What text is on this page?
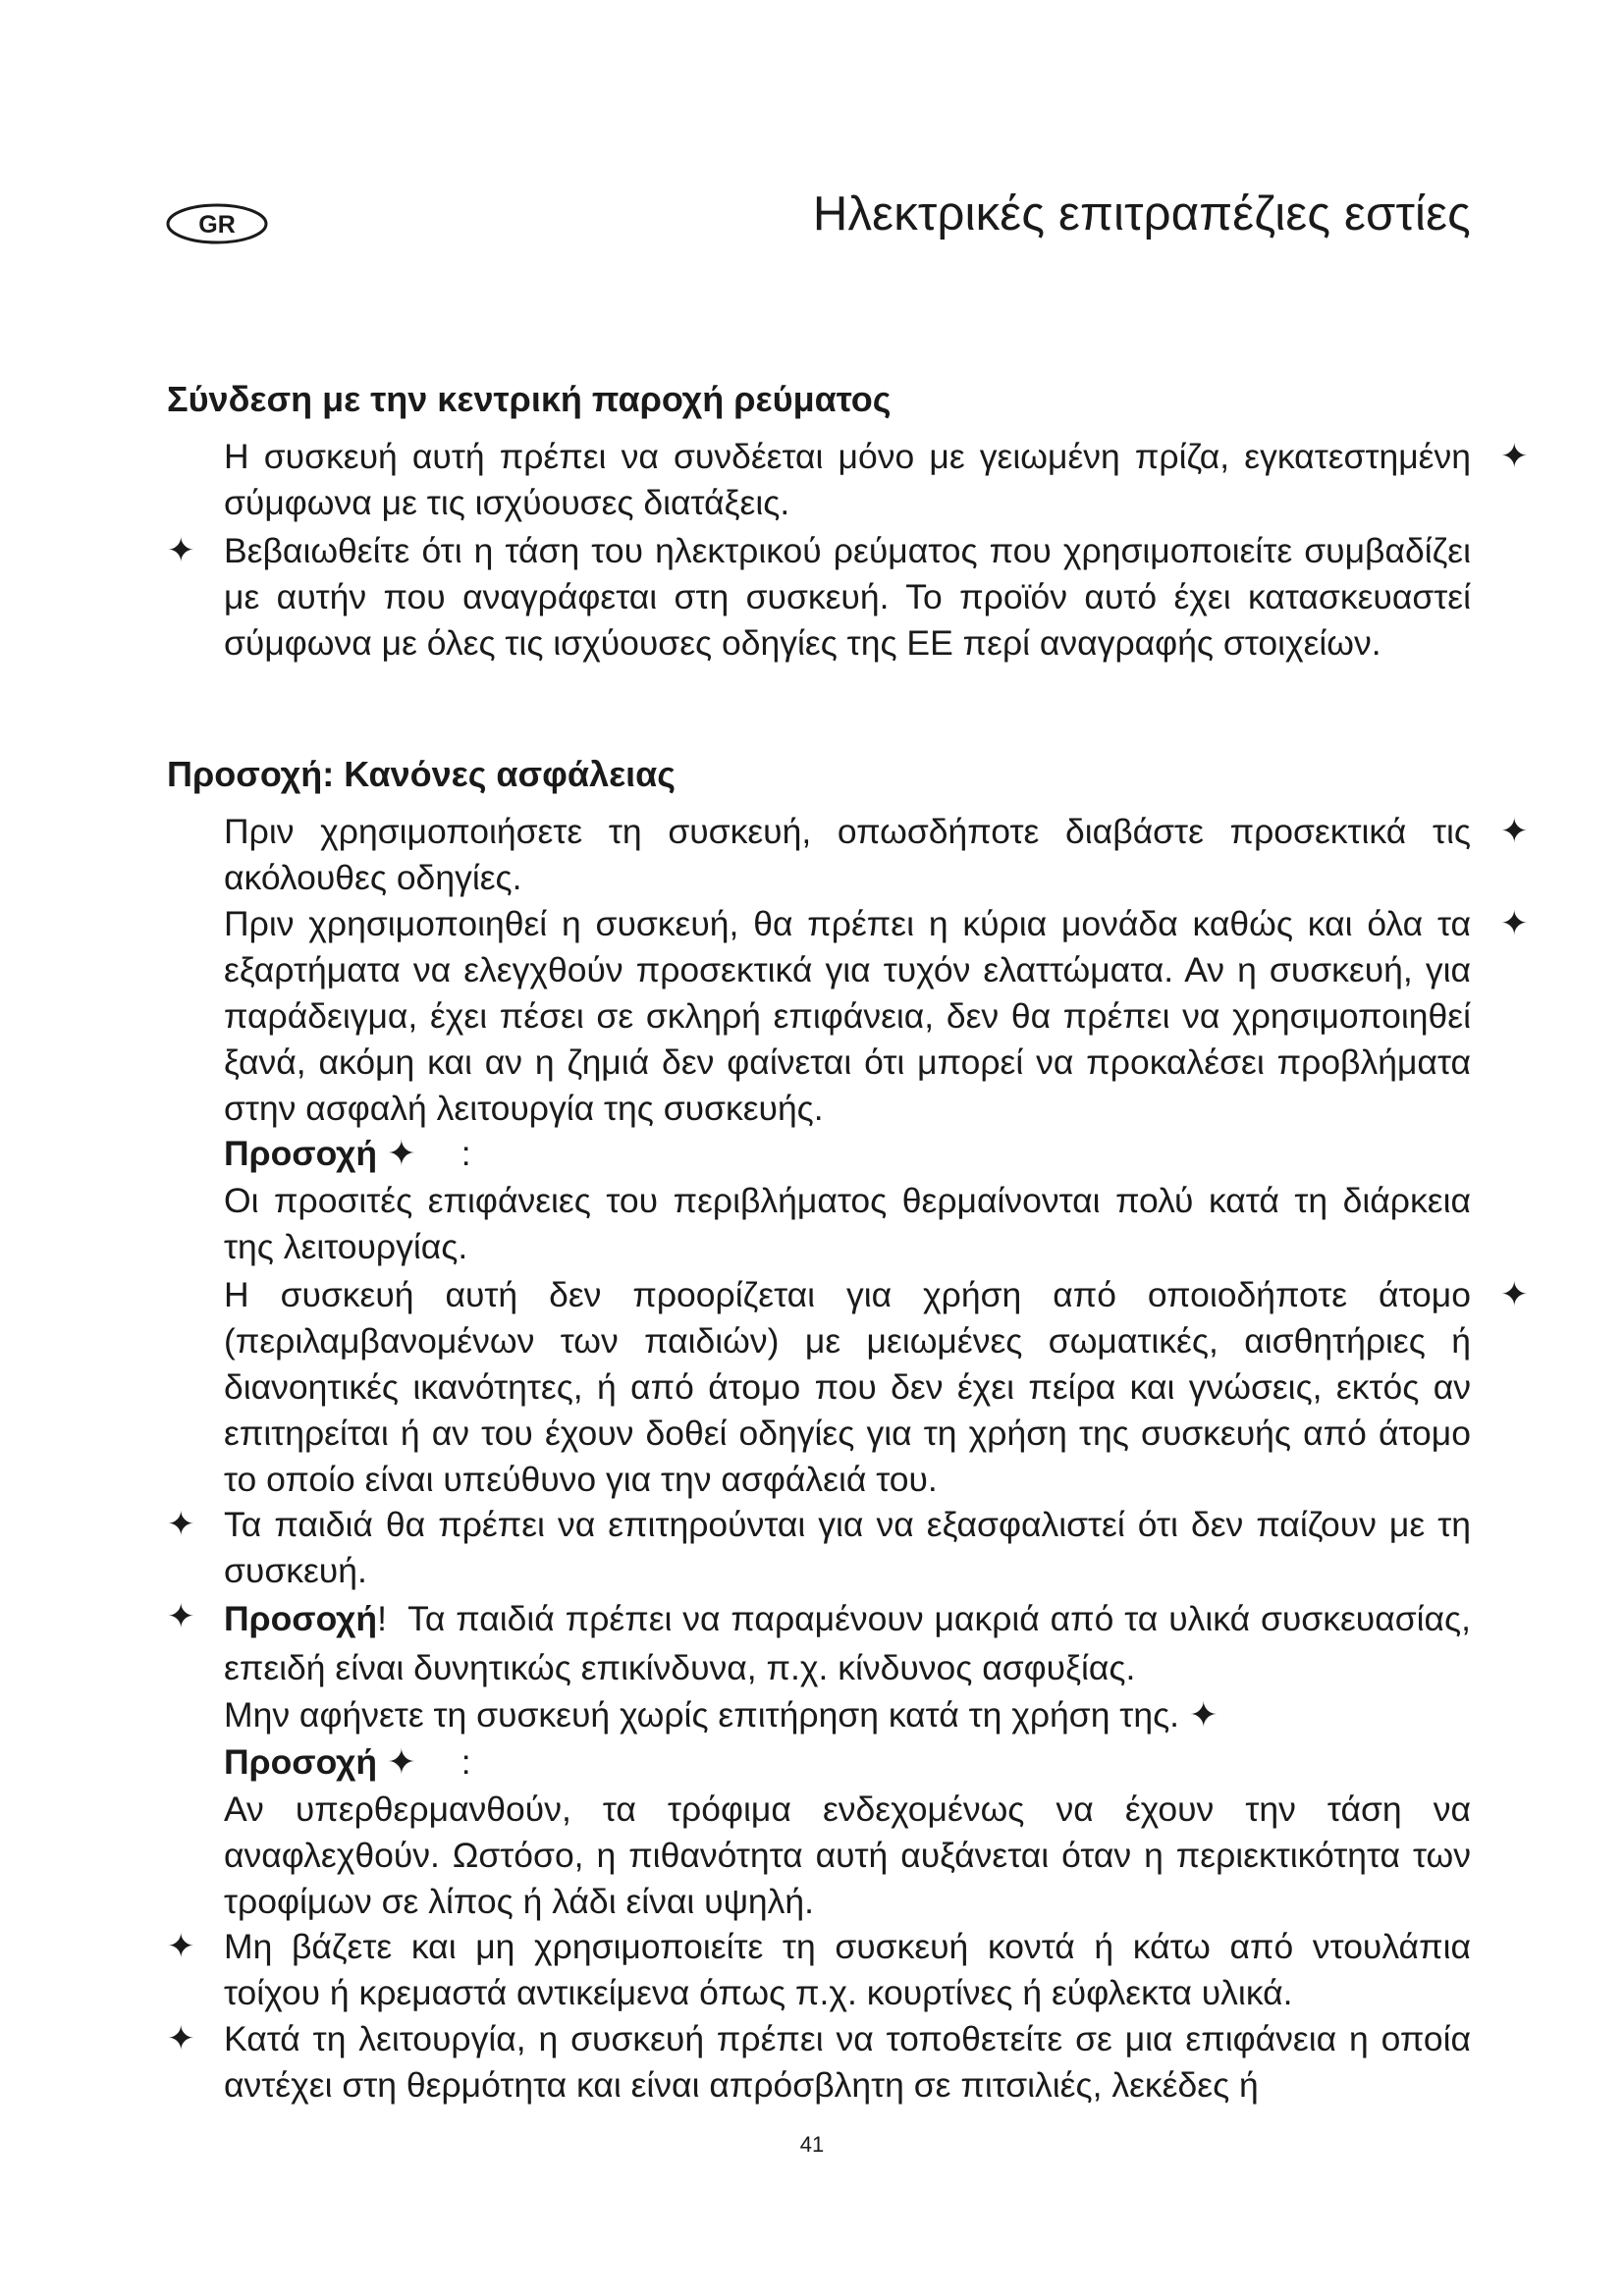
GR	Ηλεκτρικές επιτραπέζιες εστίες
Σύνδεση με την κεντρική παροχή ρεύματος
✦
Η συσκευή αυτή πρέπει να συνδέεται μόνο με γειωμένη πρίζα, εγκατεστημένη σύμφωνα με τις ισχύουσες διατάξεις.
✦ Βεβαιωθείτε ότι η τάση του ηλεκτρικού ρεύματος που χρησιμοποιείτε συμβαδίζει με αυτήν που αναγράφεται στη συσκευή. Το προϊόν αυτό έχει κατασκευαστεί σύμφωνα με όλες τις ισχύουσες οδηγίες της ΕΕ περί αναγραφής στοιχείων.
Προσοχή: Κανόνες ασφάλειας
✦
Πριν χρησιμοποιήσετε τη συσκευή, οπωσδήποτε διαβάστε προσεκτικά τις ακόλουθες οδηγίες.
✦
Πριν χρησιμοποιηθεί η συσκευή, θα πρέπει η κύρια μονάδα καθώς και όλα τα εξαρτήματα να ελεγχθούν προσεκτικά για τυχόν ελαττώματα. Αν η συσκευή, για παράδειγμα, έχει πέσει σε σκληρή επιφάνεια, δεν θα πρέπει να χρησιμοποιηθεί ξανά, ακόμη και αν η ζημιά δεν φαίνεται ότι μπορεί να προκαλέσει προβλήματα στην ασφαλή λειτουργία της συσκευής.
Προσοχή ✦ :
Οι προσιτές επιφάνειες του περιβλήματος θερμαίνονται πολύ κατά τη διάρκεια της λειτουργίας.
✦
Η συσκευή αυτή δεν προορίζεται για χρήση από οποιοδήποτε άτομο (περιλαμβανομένων των παιδιών) με μειωμένες σωματικές, αισθητήριες ή διανοητικές ικανότητες, ή από άτομο που δεν έχει πείρα και γνώσεις, εκτός αν επιτηρείται ή αν του έχουν δοθεί οδηγίες για τη χρήση της συσκευής από άτομο το οποίο είναι υπεύθυνο για την ασφάλειά του.
✦ Τα παιδιά θα πρέπει να επιτηρούνται για να εξασφαλιστεί ότι δεν παίζουν με τη συσκευή.
✦ Προσοχή! Τα παιδιά πρέπει να παραμένουν μακριά από τα υλικά συσκευασίας, επειδή είναι δυνητικώς επικίνδυνα, π.χ. κίνδυνος ασφυξίας.
Μην αφήνετε τη συσκευή χωρίς επιτήρηση κατά τη χρήση της. ✦
Προσοχή ✦ :
Αν υπερθερμανθούν, τα τρόφιμα ενδεχομένως να έχουν την τάση να αναφλεχθούν. Ωστόσο, η πιθανότητα αυτή αυξάνεται όταν η περιεκτικότητα των τροφίμων σε λίπος ή λάδι είναι υψηλή.
✦ Μη βάζετε και μη χρησιμοποιείτε τη συσκευή κοντά ή κάτω από ντουλάπια τοίχου ή κρεμαστά αντικείμενα όπως π.χ. κουρτίνες ή εύφλεκτα υλικά.
✦ Κατά τη λειτουργία, η συσκευή πρέπει να τοποθετείτε σε μια επιφάνεια η οποία αντέχει στη θερμότητα και είναι απρόσβλητη σε πιτσιλιές, λεκέδες ή
41
